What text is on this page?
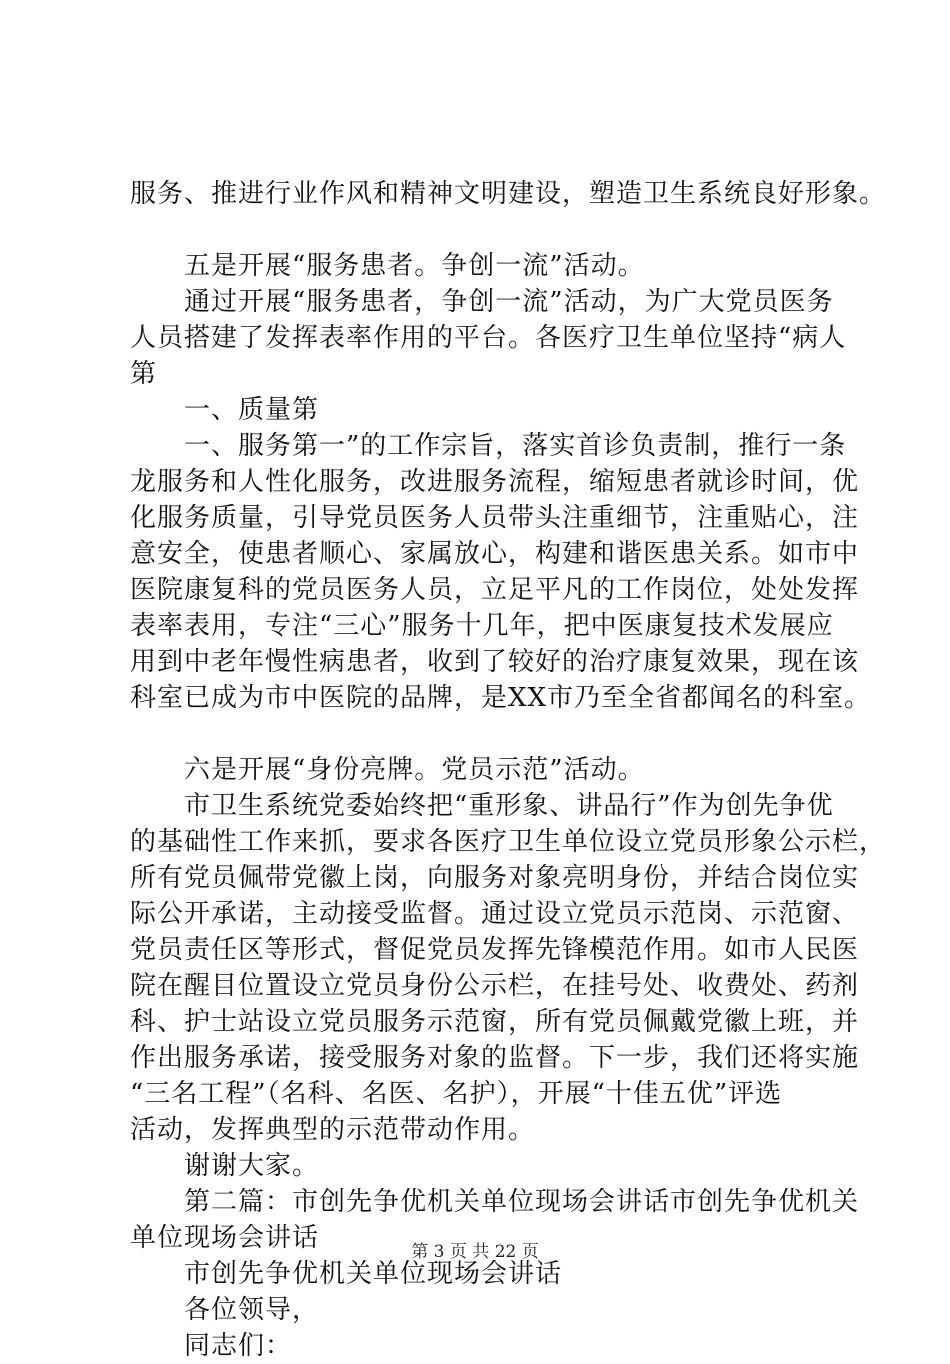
服务、推进行业作风和精神文明建设，塑造卫生系统良好形象。
　　五是开展“服务患者。争创一流”活动。
　　通过开展“服务患者，争创一流”活动，为广大党员医务
人员搭建了发挥表率作用的平台。各医疗卫生单位坚持“病人
第
　　一、质量第
　　一、服务第一”的工作宗旨，落实首诊负责制，推行一条
龙服务和人性化服务，改进服务流程，缩短患者就诊时间，优
化服务质量，引导党员医务人员带头注重细节，注重贴心，注
意安全，使患者顺心、家属放心，构建和谐医患关系。如市中
医院康复科的党员医务人员，立足平凡的工作岗位，处处发挥
表率表用，专注“三心”服务十几年，把中医康复技术发展应
用到中老年慢性病患者，收到了较好的治疗康复效果，现在该
科室已成为市中医院的品牌，是XX市乃至全省都闻名的科室。
　　六是开展“身份亮牌。党员示范”活动。
　　市卫生系统党委始终把“重形象、讲品行”作为创先争优
的基础性工作来抓，要求各医疗卫生单位设立党员形象公示栏，
所有党员佩带党徽上岗，向服务对象亮明身份，并结合岗位实
际公开承诺，主动接受监督。通过设立党员示范岗、示范窗、
党员责任区等形式，督促党员发挥先锋模范作用。如市人民医
院在醒目位置设立党员身份公示栏，在挂号处、收费处、药剂
科、护士站设立党员服务示范窗，所有党员佩戴党徽上班，并
作出服务承诺，接受服务对象的监督。下一步，我们还将实施
“三名工程”（名科、名医、名护），开展“十佳五优”评选
活动，发挥典型的示范带动作用。
　　谢谢大家。
　　第二篇：市创先争优机关单位现场会讲话市创先争优机关
单位现场会讲话
　　市创先争优机关单位现场会讲话
　　各位领导，
　　同志们：
第 3 页 共 22 页
